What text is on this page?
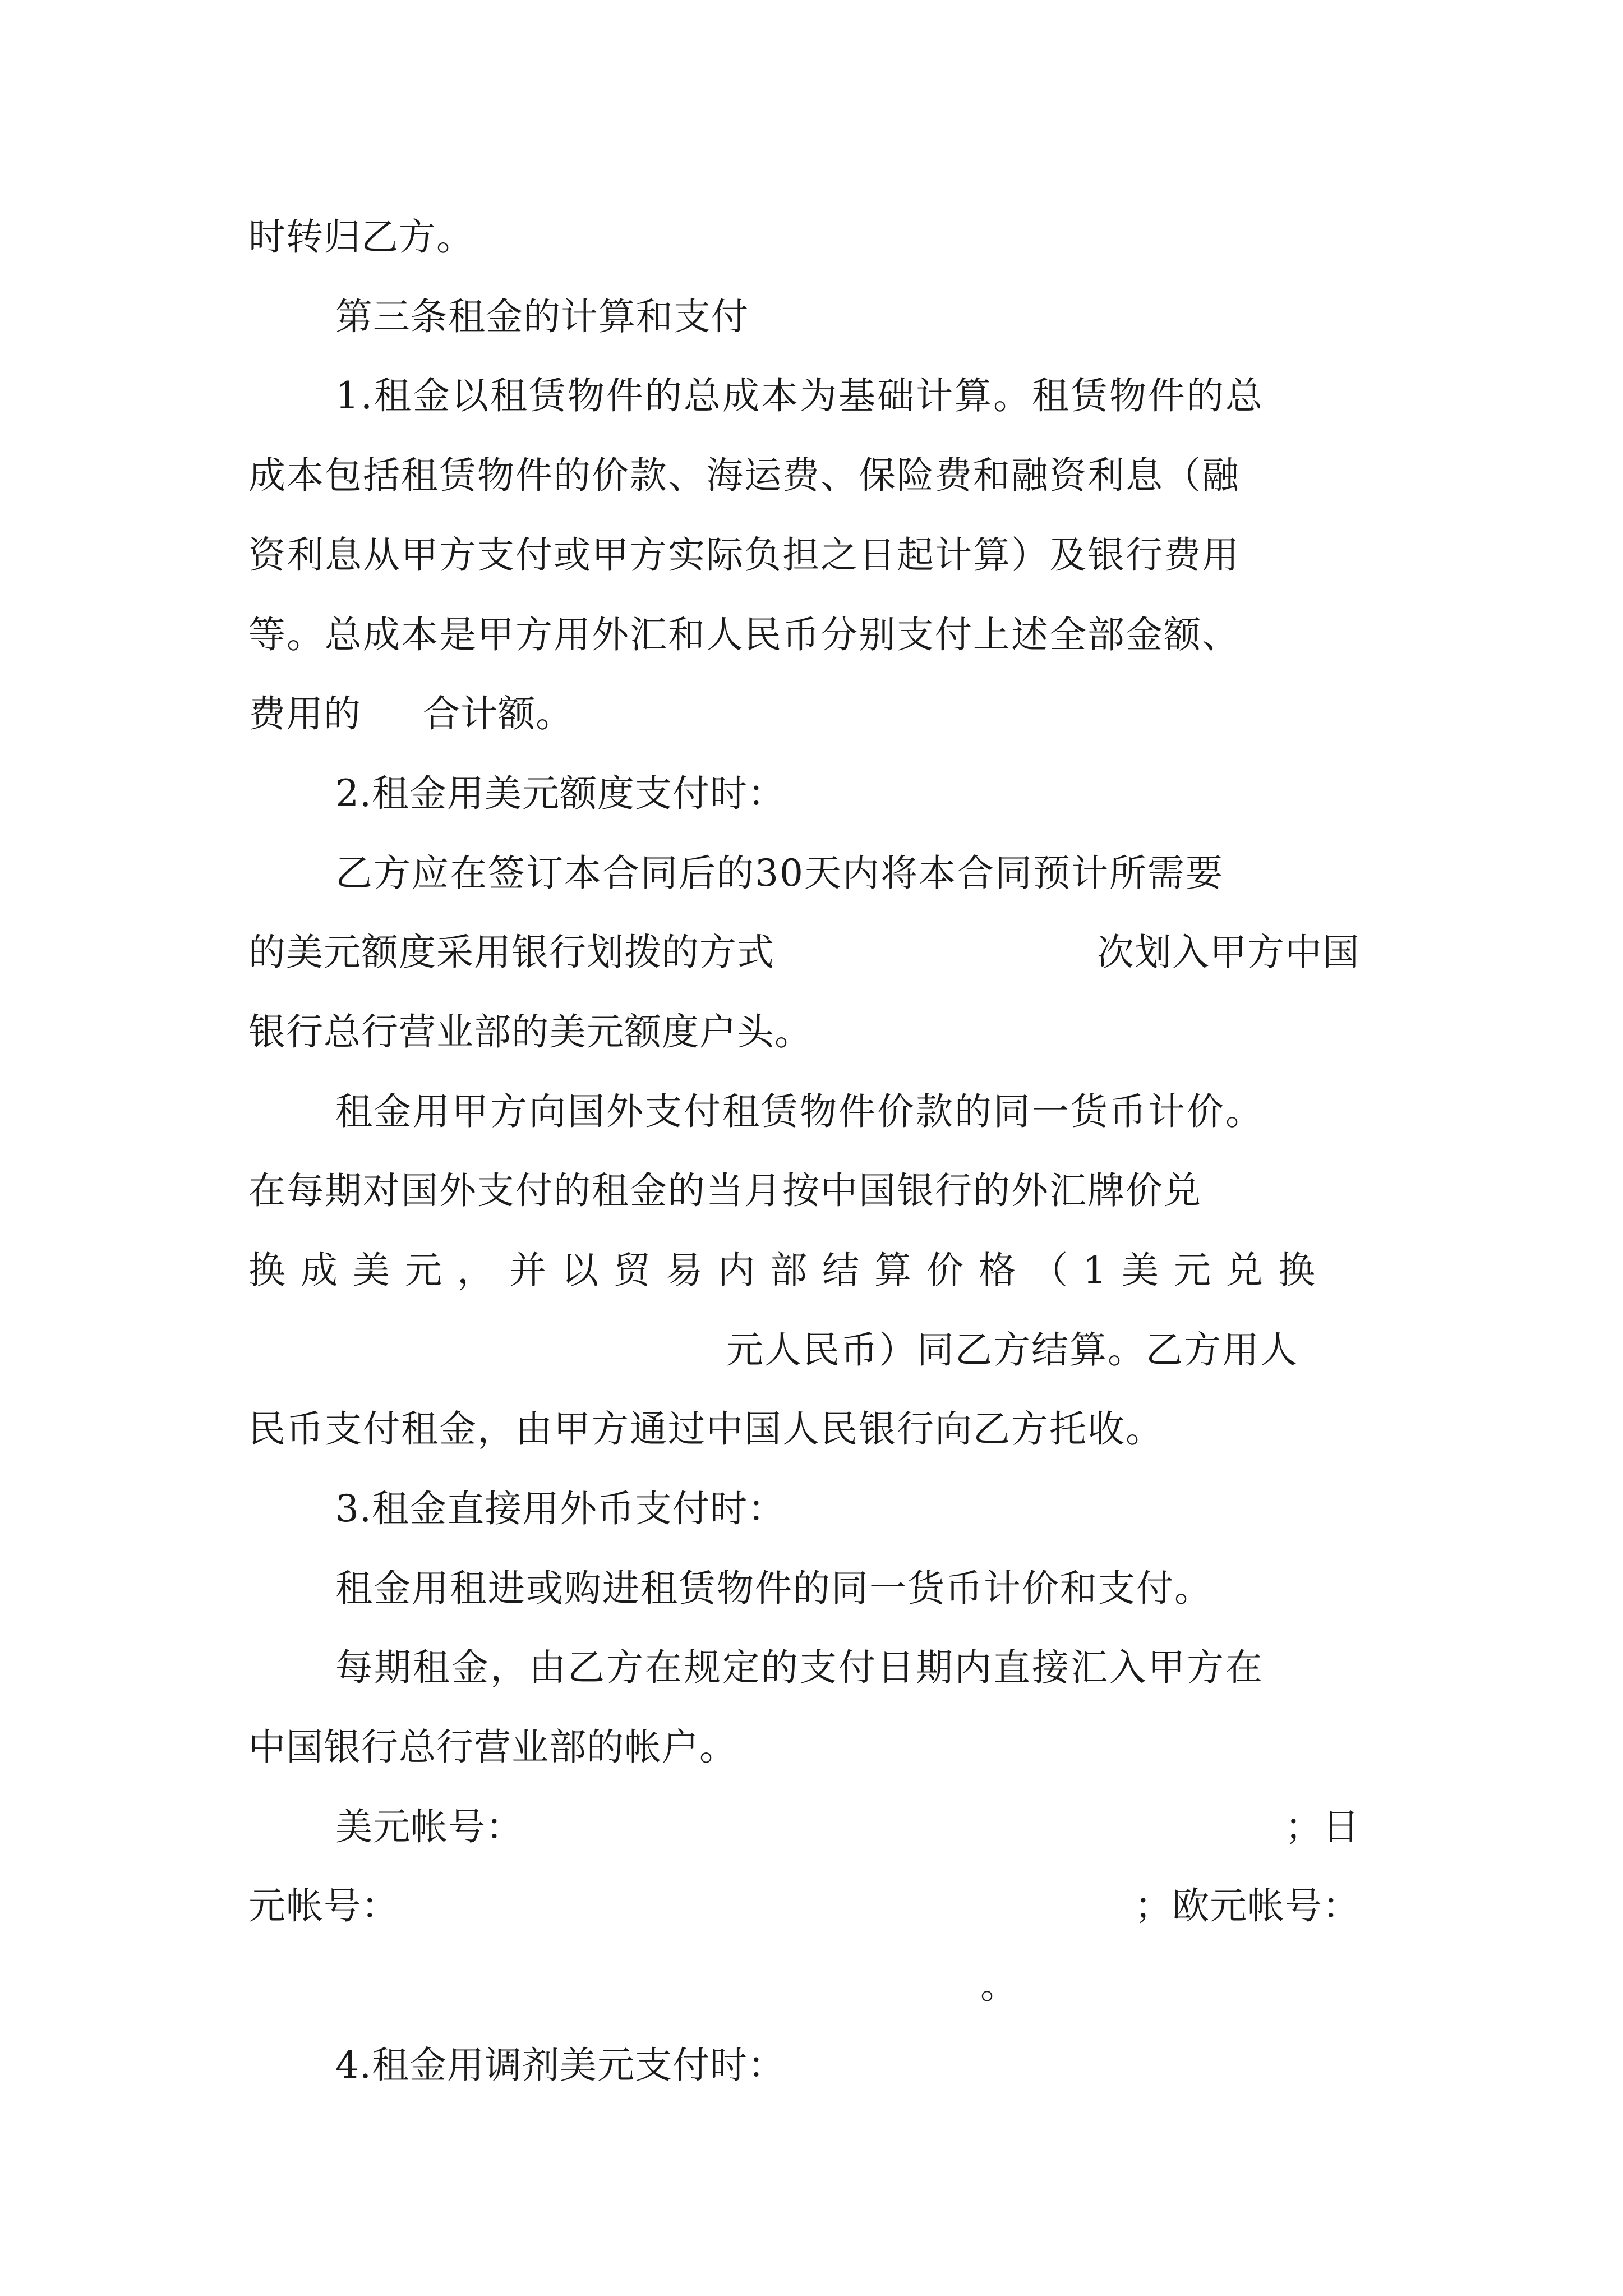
时转归乙方。
第三条租金的计算和支付
1.租金以租赁物件的总成本为基础计算。租赁物件的总
成本包括租赁物件的价款、海运费、保险费和融资利息（融
资利息从甲方支付或甲方实际负担之日起计算）及银行费用
等。总成本是甲方用外汇和人民币分别支付上述全部金额、
费用的 合计额。
2.租金用美元额度支付时：
乙方应在签订本合同后的30天内将本合同预计所需要
的美元额度采用银行划拨的方式	次划入甲方中国
银行总行营业部的美元额度户头。
租金用甲方向国外支付租赁物件价款的同一货币计价。
在每期对国外支付的租金的当月按中国银行的外汇牌价兑
换成美元，并以贸易内部结算价格（1美元兑换
元人民币）同乙方结算。乙方用人
民币支付租金，由甲方通过中国人民银行向乙方托收。
3.租金直接用外币支付时：
租金用租进或购进租赁物件的同一货币计价和支付。
每期租金，由乙方在规定的支付日期内直接汇入甲方在
中国银行总行营业部的帐户。
美元帐号：	；日
元帐号：	；欧元帐号：
。
4.租金用调剂美元支付时：
